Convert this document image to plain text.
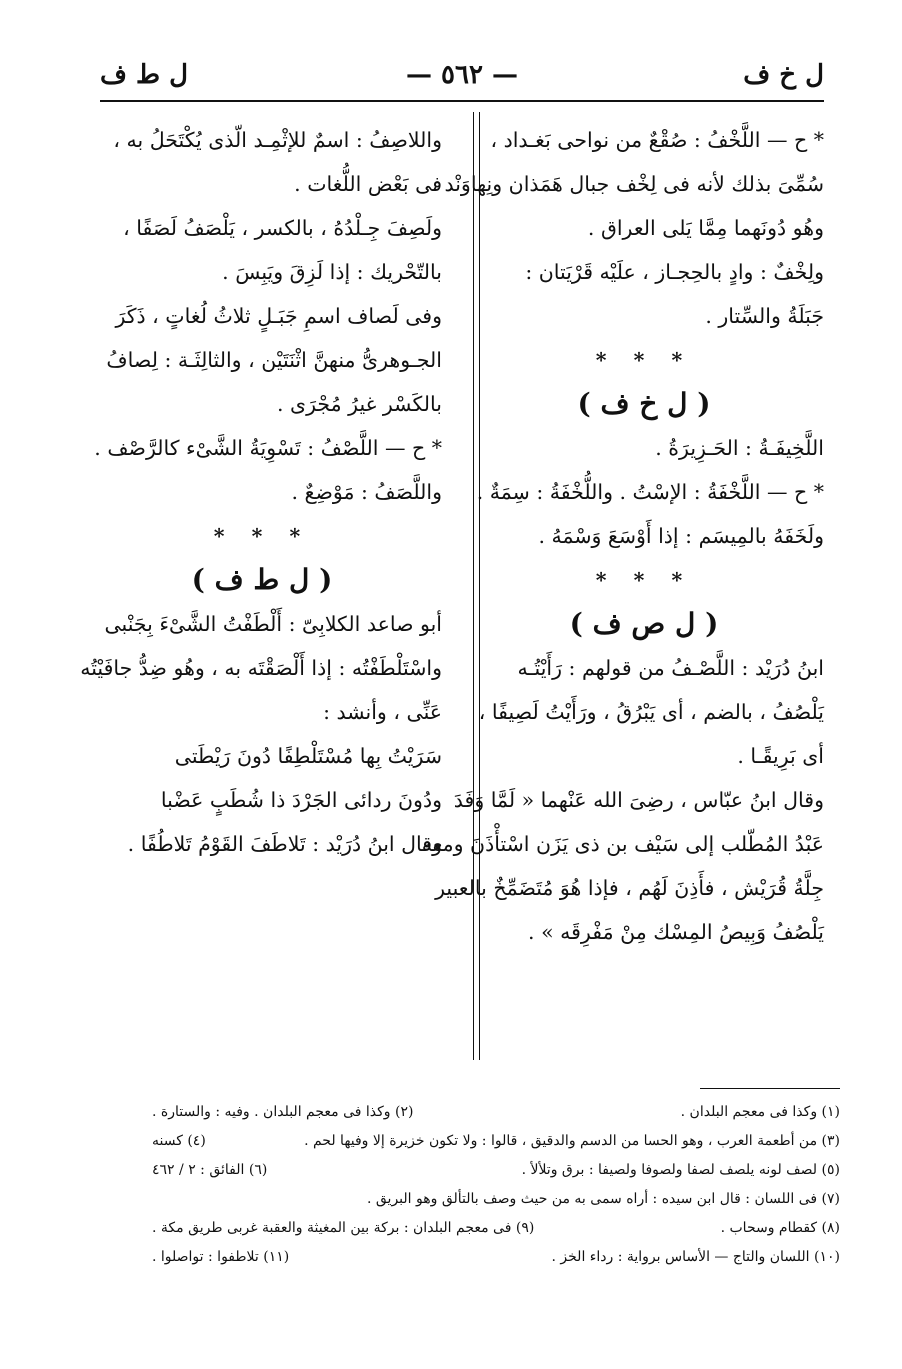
ل خ ف
— ٥٦٢ —
ل ط ف
* ح — اللَّخْفُ : صُقْعٌ من نواحى بَغـداد ،
سُمِّىَ بذلك لأنه فى لِخْف جبال هَمَذان ونِهاوَنْد ،
وهُو دُونَهما مِمَّا يَلى العراق .
ولِخْفٌ : وادٍ بالحِجـاز ، علَيْه قَرْيَتان :
جَبَلَةُ والسِّتار .
* * *
( ل خ ف )
اللَّخِيفَـةُ : الحَـزِيرَةُ .
* ح — اللَّخْفَةُ : الإسْتُ . واللُّخْفَةُ : سِمَةٌ .
ولَخَفَهُ بالمِيسَم : إذا أَوْسَعَ وَسْمَهُ .
* * *
( ل ص ف )
ابنُ دُرَيْد : اللَّصْـفُ من قولهم : رَأَيْتُـه
يَلْصُفُ ، بالضم ، أى يَبْرُقُ ، ورَأَيْتُ لَصِيفًا ،
أى بَرِيقًـا .
وقال ابنُ عبّاس ، رضِىَ الله عَنْهما « لَمَّا وَفَدَ
عَبْدُ المُطّلب إلى سَيْف بن ذى يَزَن اسْتأْذَنَ ومعه
جِلَّةُ قُرَيْش ، فأَذِنَ لَهُم ، فإذا هُوَ مُتَضَمِّخٌ بالعبير
يَلْصُفُ وَبِيصُ المِسْك مِنْ مَفْرِقَه » .
واللاصِفُ : اسمٌ للإثْمِـد الّذى يُكْتَحَلُ به ،
فى بَعْض اللُّغات .
ولَصِفَ جِـلْدُهُ ، بالكسر ، يَلْصَفُ لَصَفًا ،
بالتّحْريك : إذا لَزِقَ ويَبِسَ .
وفى لَصاف اسمِ جَبَـلٍ ثلاثُ لُغاتٍ ، ذَكَرَ
الجـوهرىُّ منهنَّ اثْنَتَيْن ، والثالِثَـة : لِصافُ
بالكَسْر غيرُ مُجْرَى .
* ح — اللَّصْفُ : تَسْوِيَةُ الشَّىْء كالرَّصْف .
واللَّصَفُ : مَوْضِعٌ .
* * *
( ل ط ف )
أبو صاعد الكلابِىّ : أَلْطَفْتُ الشَّىْءَ بِجَنْبى
واسْتَلْطَفْتُه : إذا أَلْصَقْتَه به ، وهُو ضِدُّ جافَيْتُه
عَنِّى ، وأنشد :
سَرَيْتُ بِها مُسْتَلْطِفًا دُونَ رَيْطَتى
ودُونَ ردائى الجَرْدَ ذا شُطَبٍ عَضْبا
وقال ابنُ دُرَيْد : تَلاطَفَ القَوْمُ تَلاطُفًا .
(١) وكذا فى معجم البلدان .
(٢) وكذا فى معجم البلدان . وفيه : والستارة .
(٣) من أطعمة العرب ، وهو الحسا من الدسم والدقيق ، قالوا : ولا تكون خزيرة إلا وفيها لحم .
(٤) كسنه
(٥) لصف لونه يلصف لصفا ولصوفا ولصيفا : برق وتلألأ .
(٦) الفائق : ٢ / ٤٦٢
(٧) فى اللسان : قال ابن سيده : أراه سمى به من حيث وصف بالتألق وهو البريق .
(٨) كقطام وسحاب .
(٩) فى معجم البلدان : بركة بين المغيثة والعقبة غربى طريق مكة .
(١٠) اللسان والتاج — الأساس برواية : رداء الخز .
(١١) تلاطفوا : تواصلوا .
